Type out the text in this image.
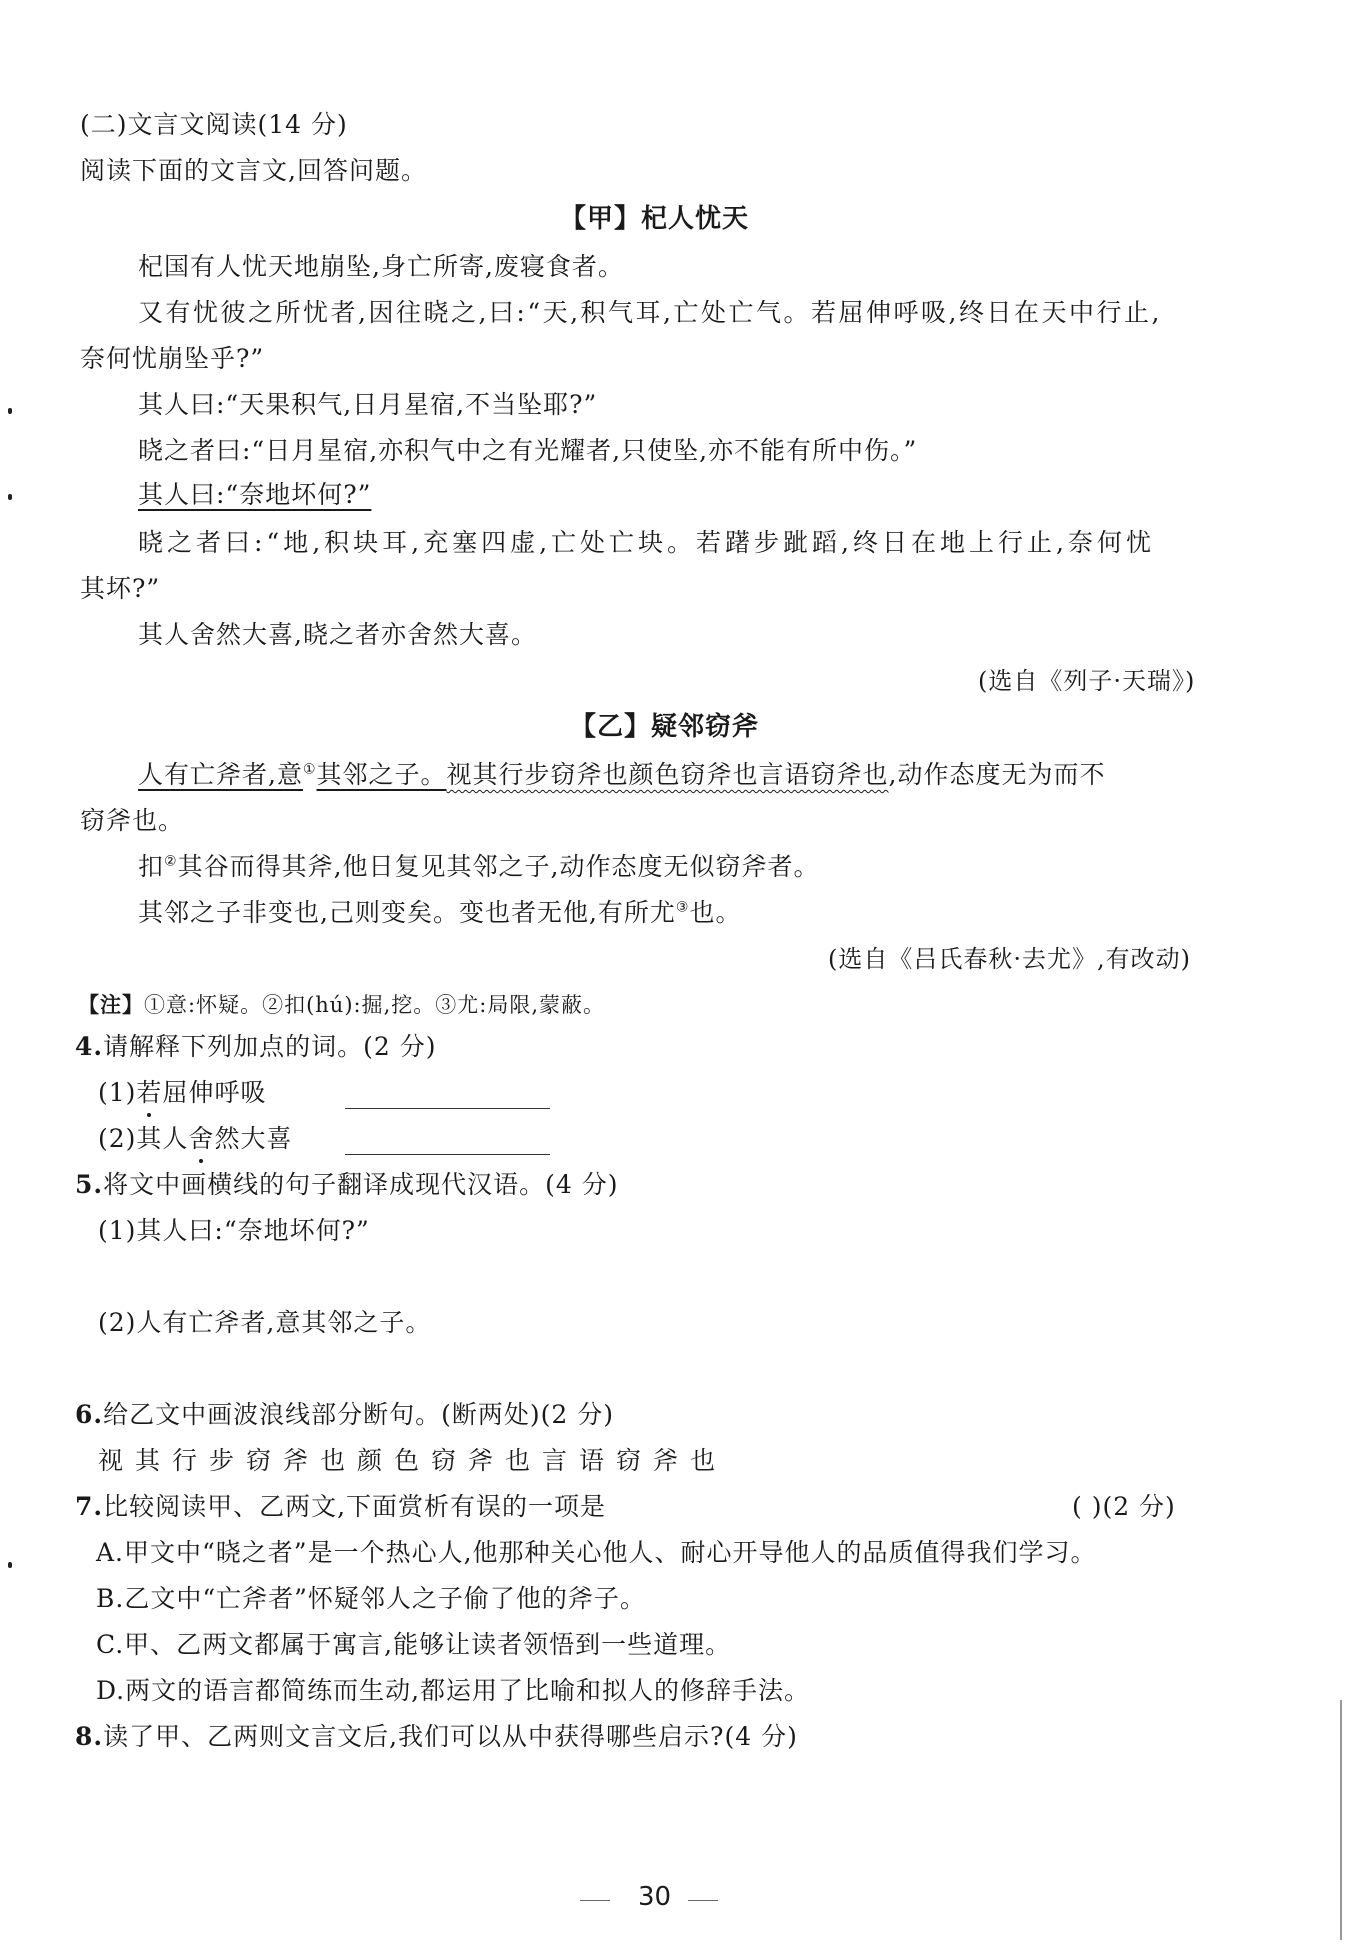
(二)文言文阅读(14 分)
阅读下面的文言文,回答问题。
【甲】杞人忧天
杞国有人忧天地崩坠,身亡所寄,废寝食者。
又有忧彼之所忧者,因往晓之,曰:“天,积气耳,亡处亡气。若屈伸呼吸,终日在天中行止,
奈何忧崩坠乎?”
其人曰:“天果积气,日月星宿,不当坠耶?”
晓之者曰:“日月星宿,亦积气中之有光耀者,只使坠,亦不能有所中伤。”
其人曰:“奈地坏何?”
晓之者曰:“地,积块耳,充塞四虚,亡处亡块。若躇步跐蹈,终日在地上行止,奈何忧
其坏?”
其人舍然大喜,晓之者亦舍然大喜。
(选自《列子·天瑞》)
【乙】疑邻窃斧
人有亡斧者,意①其邻之子。视其行步窃斧也颜色窃斧也言语窃斧也,动作态度无为而不
窃斧也。
扣②其谷而得其斧,他日复见其邻之子,动作态度无似窃斧者。
其邻之子非变也,己则变矣。变也者无他,有所尤③也。
(选自《吕氏春秋·去尤》,有改动)
【注】①意:怀疑。②扣(hú):掘,挖。③尤:局限,蒙蔽。
4.请解释下列加点的词。(2 分)
(1)若屈伸呼吸
(2)其人舍然大喜
5.将文中画横线的句子翻译成现代汉语。(4 分)
(1)其人曰:“奈地坏何?”
(2)人有亡斧者,意其邻之子。
6.给乙文中画波浪线部分断句。(断两处)(2 分)
视其行步窃斧也颜色窃斧也言语窃斧也
7.比较阅读甲、乙两文,下面赏析有误的一项是	( )(2 分)
A.甲文中“晓之者”是一个热心人,他那种关心他人、耐心开导他人的品质值得我们学习。
B.乙文中“亡斧者”怀疑邻人之子偷了他的斧子。
C.甲、乙两文都属于寓言,能够让读者领悟到一些道理。
D.两文的语言都简练而生动,都运用了比喻和拟人的修辞手法。
8.读了甲、乙两则文言文后,我们可以从中获得哪些启示?(4 分)
30
